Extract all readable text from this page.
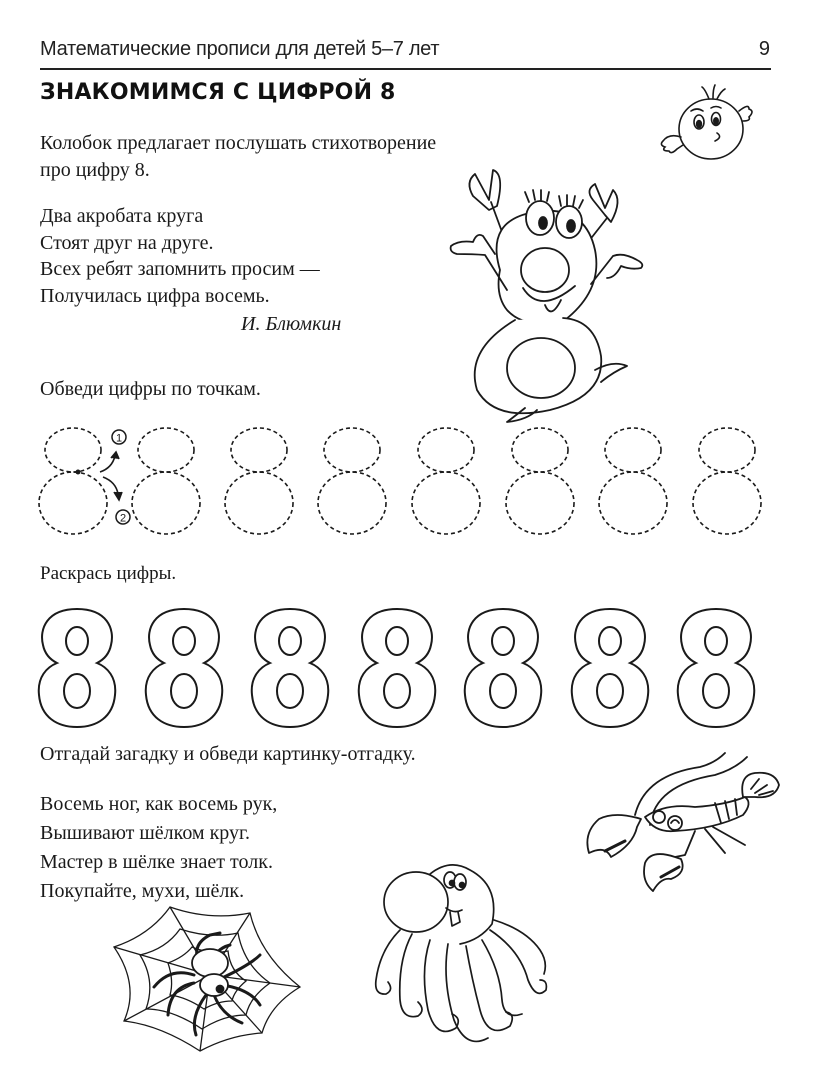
Математические прописи для детей 5–7 лет	9
ЗНАКОМИМСЯ С ЦИФРОЙ 8
Колобок предлагает послушать стихотворение
про цифру 8.
Два акробата круга
Стоят друг на друге.
Всех ребят запомнить просим —
Получилась цифра восемь.
И. Блюмкин
Обведи цифры по точкам.
1
2
Раскрась цифры.
Отгадай загадку и обведи картинку-отгадку.
Восемь ног, как восемь рук,
Вышивают шёлком круг.
Мастер в шёлке знает толк.
Покупайте, мухи, шёлк.
